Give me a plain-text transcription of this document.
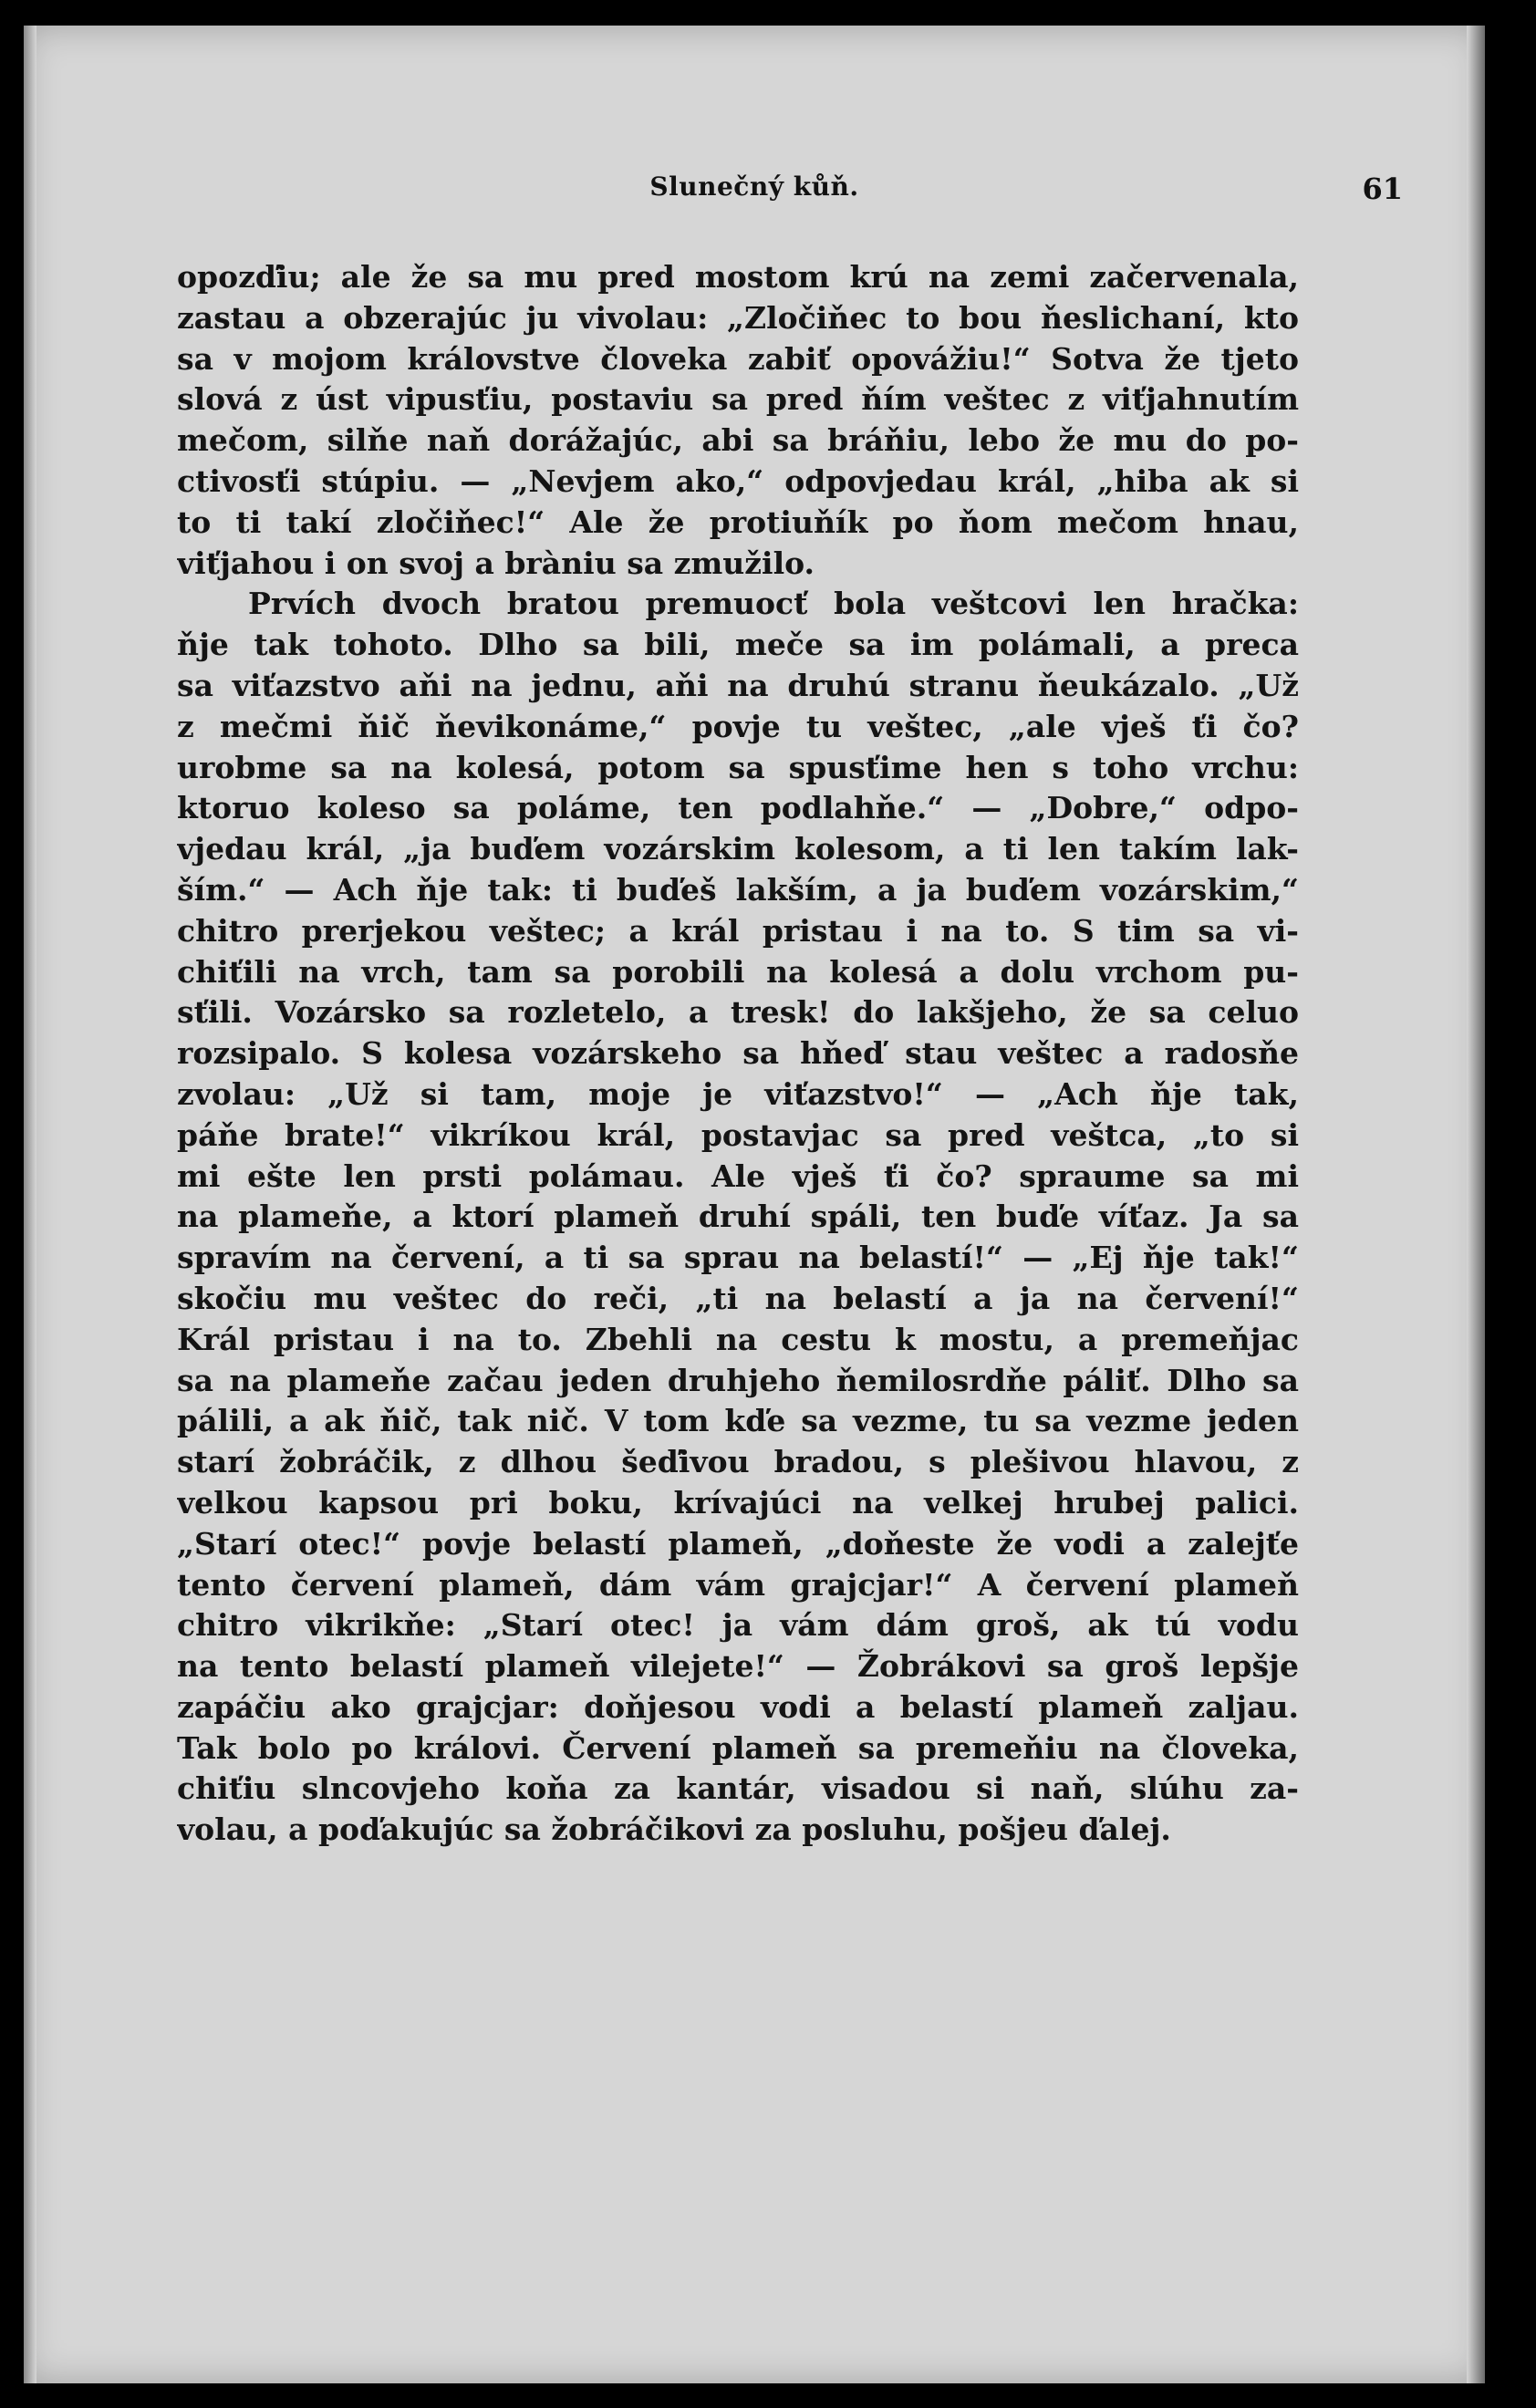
Slunečný kůň.	61
opozďiu; ale že sa mu pred mostom krú na zemi začervenala,
zastau a obzerajúc ju vivolau: „Zločiňec to bou ňeslichaní, kto
sa v mojom královstve človeka zabiť opovážiu!“ Sotva že tjeto
slová z úst vipusťiu, postaviu sa pred ňím veštec z viťjahnutím
mečom, silňe naň dorážajúc, abi sa bráňiu, lebo že mu do po-
ctivosťi stúpiu. — „Nevjem ako,“ odpovjedau král, „hiba ak si
to ti takí zločiňec!“ Ale že protiuňík po ňom mečom hnau,
viťjahou i on svoj a bràniu sa zmužilo.
Prvích dvoch bratou premuocť bola veštcovi len hračka:
ňje tak tohoto. Dlho sa bili, meče sa im polámali, a preca
sa viťazstvo aňi na jednu, aňi na druhú stranu ňeukázalo. „Už
z mečmi ňič ňevikonáme,“ povje tu veštec, „ale vješ ťi čo?
urobme sa na kolesá, potom sa spusťime hen s toho vrchu:
ktoruo koleso sa poláme, ten podlahňe.“ — „Dobre,“ odpo-
vjedau král, „ja buďem vozárskim kolesom, a ti len takím lak-
ším.“ — Ach ňje tak: ti buďeš lakším, a ja buďem vozárskim,“
chitro prerjekou veštec; a král pristau i na to. S tim sa vi-
chiťili na vrch, tam sa porobili na kolesá a dolu vrchom pu-
sťili. Vozársko sa rozletelo, a tresk! do lakšjeho, že sa celuo
rozsipalo. S kolesa vozárskeho sa hňeď stau veštec a radosňe
zvolau: „Už si tam, moje je viťazstvo!“ — „Ach ňje tak,
páňe brate!“ vikríkou král, postavjac sa pred veštca, „to si
mi ešte len prsti polámau. Ale vješ ťi čo? spraume sa mi
na plameňe, a ktorí plameň druhí spáli, ten buďe víťaz. Ja sa
spravím na červení, a ti sa sprau na belastí!“ — „Ej ňje tak!“
skočiu mu veštec do reči, „ti na belastí a ja na červení!“
Král pristau i na to. Zbehli na cestu k mostu, a premeňjac
sa na plameňe začau jeden druhjeho ňemilosrdňe páliť. Dlho sa
pálili, a ak ňič, tak nič. V tom kďe sa vezme, tu sa vezme jeden
starí žobráčik, z dlhou šeďivou bradou, s plešivou hlavou, z
velkou kapsou pri boku, krívajúci na velkej hrubej palici.
„Starí otec!“ povje belastí plameň, „doňeste že vodi a zalejťe
tento červení plameň, dám vám grajcjar!“ A červení plameň
chitro vikrikňe: „Starí otec! ja vám dám groš, ak tú vodu
na tento belastí plameň vilejete!“ — Žobrákovi sa groš lepšje
zapáčiu ako grajcjar: doňjesou vodi a belastí plameň zaljau.
Tak bolo po královi. Červení plameň sa premeňiu na človeka,
chiťiu slncovjeho koňa za kantár, visadou si naň, slúhu za-
volau, a poďakujúc sa žobráčikovi za posluhu, pošjeu ďalej.
